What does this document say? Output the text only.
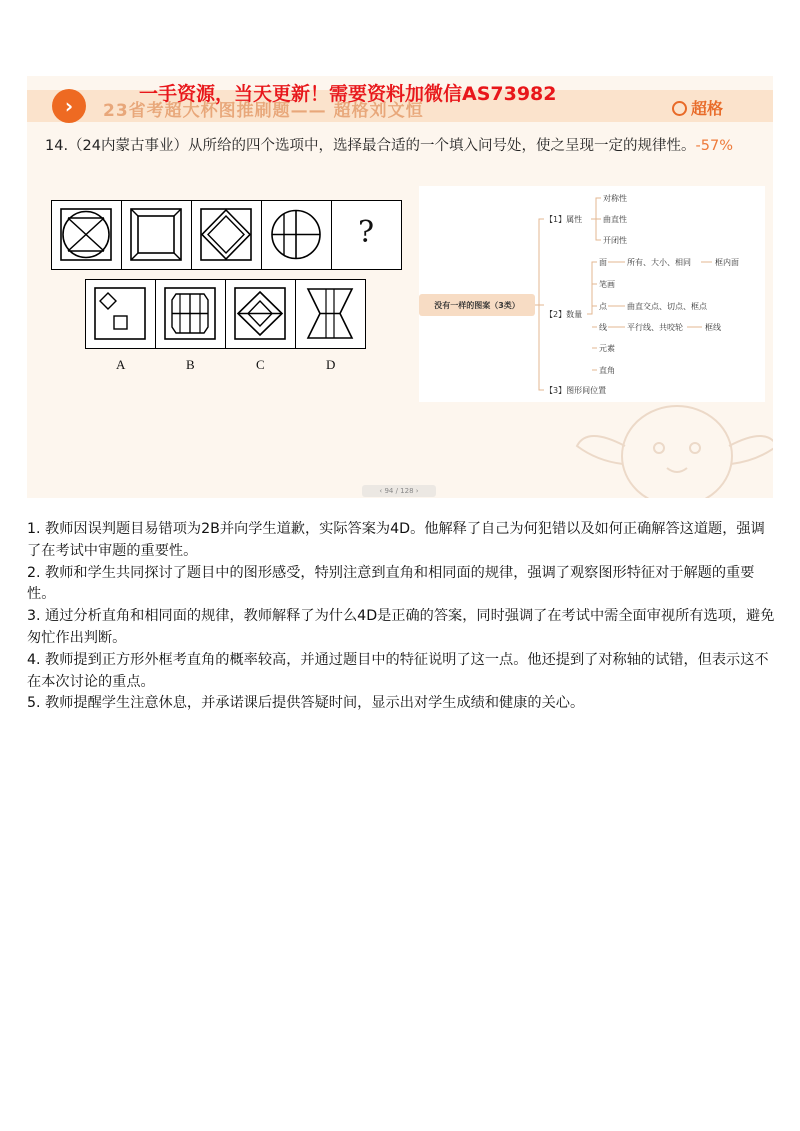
›	23省考超大杯图推刷题—— 超格刘文恒
一手资源，当天更新！需要资料加微信AS73982
超格
14.（24内蒙古事业）从所给的四个选项中，选择最合适的一个填入问号处，使之呈现一定的规律性。-57%
?
A	B	C	D
没有一样的图案（3类）
【1】属性
对称性
曲直性
开闭性
【2】数量
面	所有、大小、相同	框内面
笔画
点	曲直交点、切点、框点
线	平行线、共咬轮	框线
元素
直角
【3】图形间位置
‹ 94 / 128 ›

1. 教师因误判题目易错项为2B并向学生道歉，实际答案为4D。他解释了自己为何犯错以及如何正确解答这道题，强调了在考试中审题的重要性。

2. 教师和学生共同探讨了题目中的图形感受，特别注意到直角和相同面的规律，强调了观察图形特征对于解题的重要性。

3. 通过分析直角和相同面的规律，教师解释了为什么4D是正确的答案，同时强调了在考试中需全面审视所有选项，避免匆忙作出判断。

4. 教师提到正方形外框考直角的概率较高，并通过题目中的特征说明了这一点。他还提到了对称轴的试错，但表示这不在本次讨论的重点。

5. 教师提醒学生注意休息，并承诺课后提供答疑时间，显示出对学生成绩和健康的关心。
